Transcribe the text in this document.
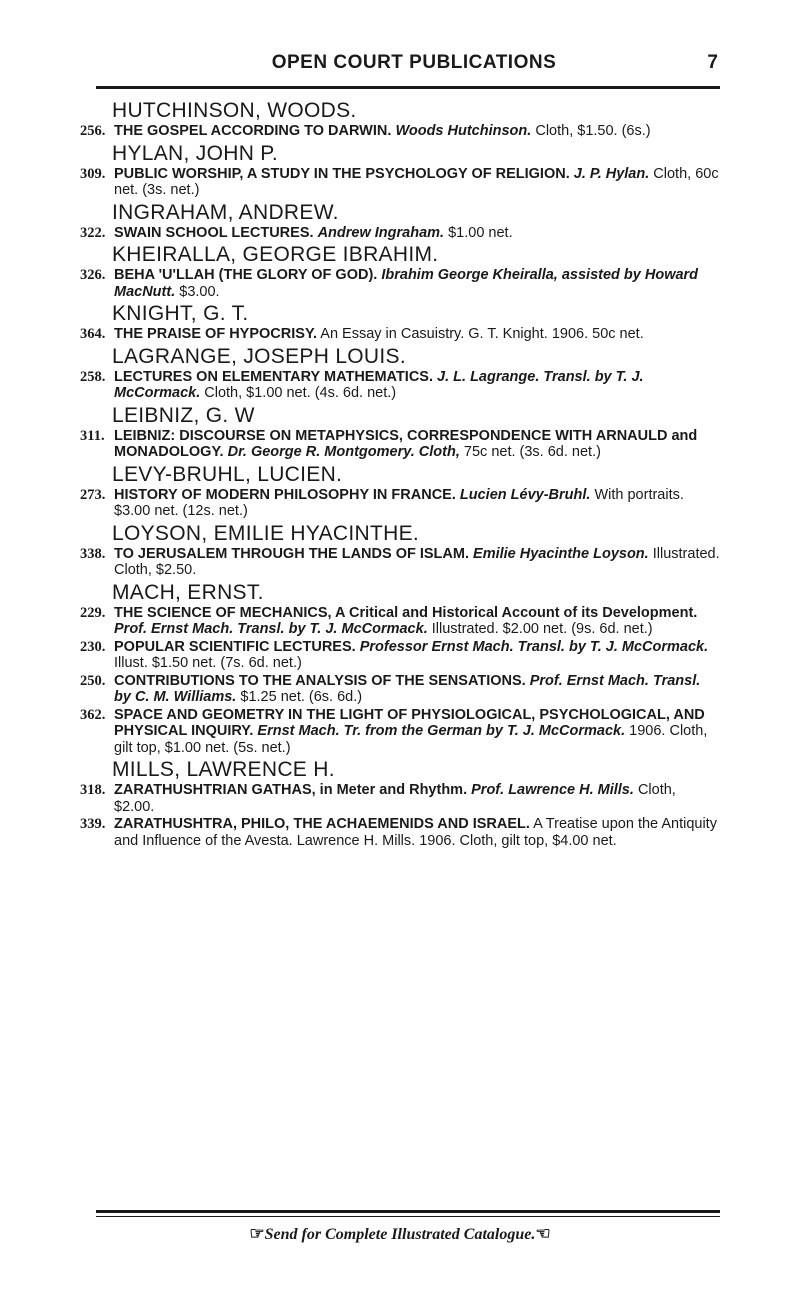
OPEN COURT PUBLICATIONS	7
HUTCHINSON, WOODS.
256. THE GOSPEL ACCORDING TO DARWIN. Woods Hutchinson. Cloth, $1.50. (6s.)
HYLAN, JOHN P.
309. PUBLIC WORSHIP, A STUDY IN THE PSYCHOLOGY OF RELIGION. J. P. Hylan. Cloth, 60c net. (3s. net.)
INGRAHAM, ANDREW.
322. SWAIN SCHOOL LECTURES. Andrew Ingraham. $1.00 net.
KHEIRALLA, GEORGE IBRAHIM.
326. BEHA 'U'LLAH (THE GLORY OF GOD). Ibrahim George Kheiralla, assisted by Howard MacNutt. $3.00.
KNIGHT, G. T.
364. THE PRAISE OF HYPOCRISY. An Essay in Casuistry. G. T. Knight. 1906. 50c net.
LAGRANGE, JOSEPH LOUIS.
258. LECTURES ON ELEMENTARY MATHEMATICS. J. L. Lagrange. Transl. by T. J. McCormack. Cloth, $1.00 net. (4s. 6d. net.)
LEIBNIZ, G. W
311. LEIBNIZ: DISCOURSE ON METAPHYSICS, CORRESPONDENCE WITH ARNAULD and MONADOLOGY. Dr. George R. Montgomery. Cloth, 75c net. (3s. 6d. net.)
LEVY-BRUHL, LUCIEN.
273. HISTORY OF MODERN PHILOSOPHY IN FRANCE. Lucien Lévy-Bruhl. With portraits. $3.00 net. (12s. net.)
LOYSON, EMILIE HYACINTHE.
338. TO JERUSALEM THROUGH THE LANDS OF ISLAM. Emilie Hyacinthe Loyson. Illustrated. Cloth, $2.50.
MACH, ERNST.
229. THE SCIENCE OF MECHANICS, A Critical and Historical Account of its Development. Prof. Ernst Mach. Transl. by T. J. McCormack. Illustrated. $2.00 net. (9s. 6d. net.)
230. POPULAR SCIENTIFIC LECTURES. Professor Ernst Mach. Transl. by T. J. McCormack. Illust. $1.50 net. (7s. 6d. net.)
250. CONTRIBUTIONS TO THE ANALYSIS OF THE SENSATIONS. Prof. Ernst Mach. Transl. by C. M. Williams. $1.25 net. (6s. 6d.)
362. SPACE AND GEOMETRY IN THE LIGHT OF PHYSIOLOGICAL, PSYCHOLOGICAL, AND PHYSICAL INQUIRY. Ernst Mach. Tr. from the German by T. J. McCormack. 1906. Cloth, gilt top, $1.00 net. (5s. net.)
MILLS, LAWRENCE H.
318. ZARATHUSHTRIAN GATHAS, in Meter and Rhythm. Prof. Lawrence H. Mills. Cloth, $2.00.
339. ZARATHUSHTRA, PHILO, THE ACHAEMENIDS AND ISRAEL. A Treatise upon the Antiquity and Influence of the Avesta. Lawrence H. Mills. 1906. Cloth, gilt top, $4.00 net.
☞Send for Complete Illustrated Catalogue.☜
